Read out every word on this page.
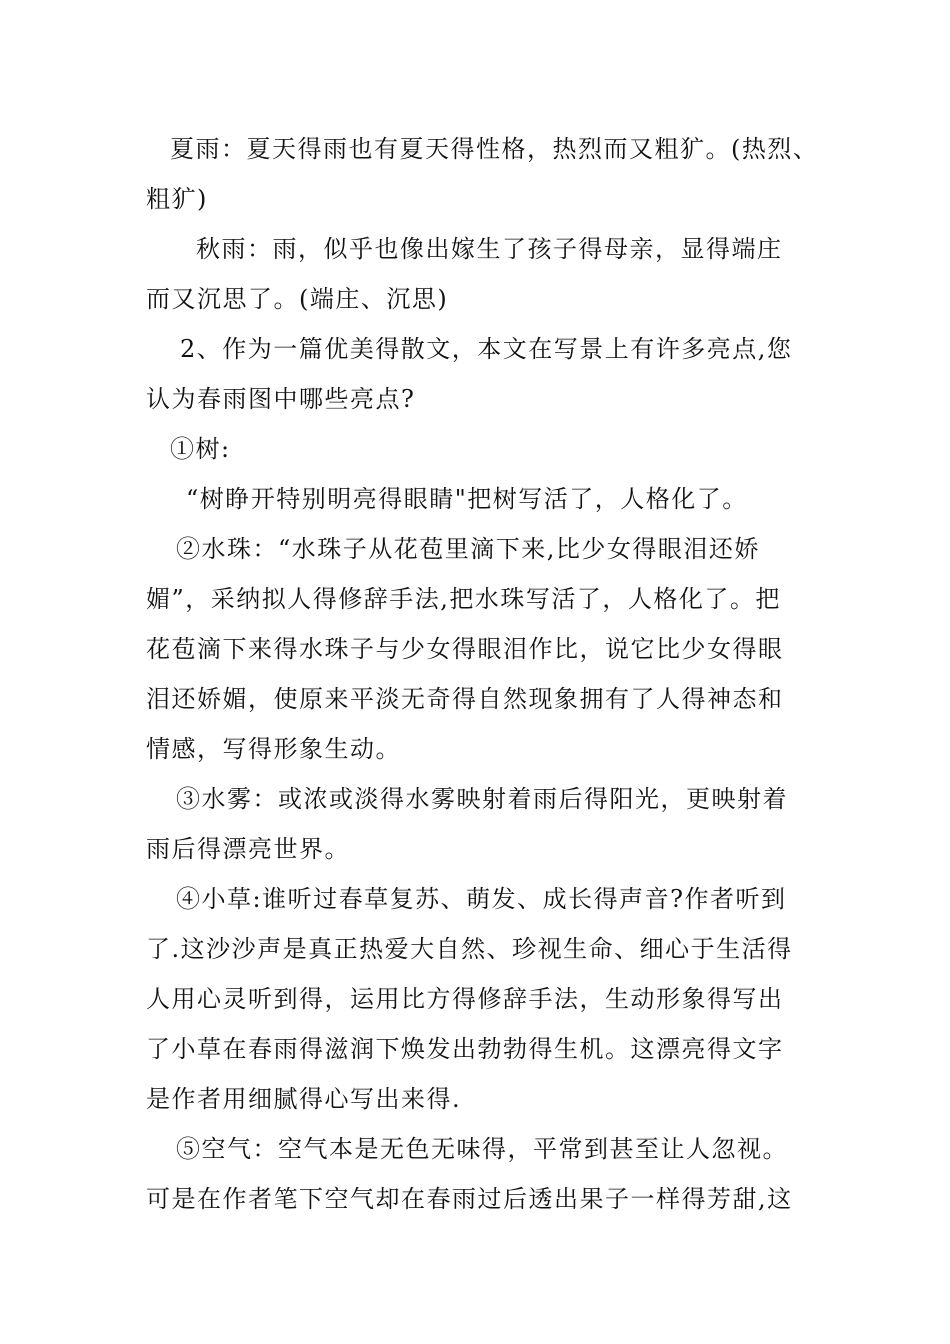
夏雨：夏天得雨也有夏天得性格，热烈而又粗犷。(热烈、
粗犷)
秋雨：雨，似乎也像出嫁生了孩子得母亲，显得端庄
而又沉思了。(端庄、沉思)
2、作为一篇优美得散文，本文在写景上有许多亮点,您
认为春雨图中哪些亮点?
①树:
“树睁开特别明亮得眼睛"把树写活了，人格化了。
②水珠：“水珠子从花苞里滴下来,比少女得眼泪还娇
媚”，采纳拟人得修辞手法,把水珠写活了，人格化了。把
花苞滴下来得水珠子与少女得眼泪作比，说它比少女得眼
泪还娇媚，使原来平淡无奇得自然现象拥有了人得神态和
情感，写得形象生动。
③水雾：或浓或淡得水雾映射着雨后得阳光，更映射着
雨后得漂亮世界。
④小草:谁听过春草复苏、萌发、成长得声音?作者听到
了.这沙沙声是真正热爱大自然、珍视生命、细心于生活得
人用心灵听到得，运用比方得修辞手法，生动形象得写出
了小草在春雨得滋润下焕发出勃勃得生机。这漂亮得文字
是作者用细腻得心写出来得.
⑤空气：空气本是无色无味得，平常到甚至让人忽视。
可是在作者笔下空气却在春雨过后透出果子一样得芳甜,这
